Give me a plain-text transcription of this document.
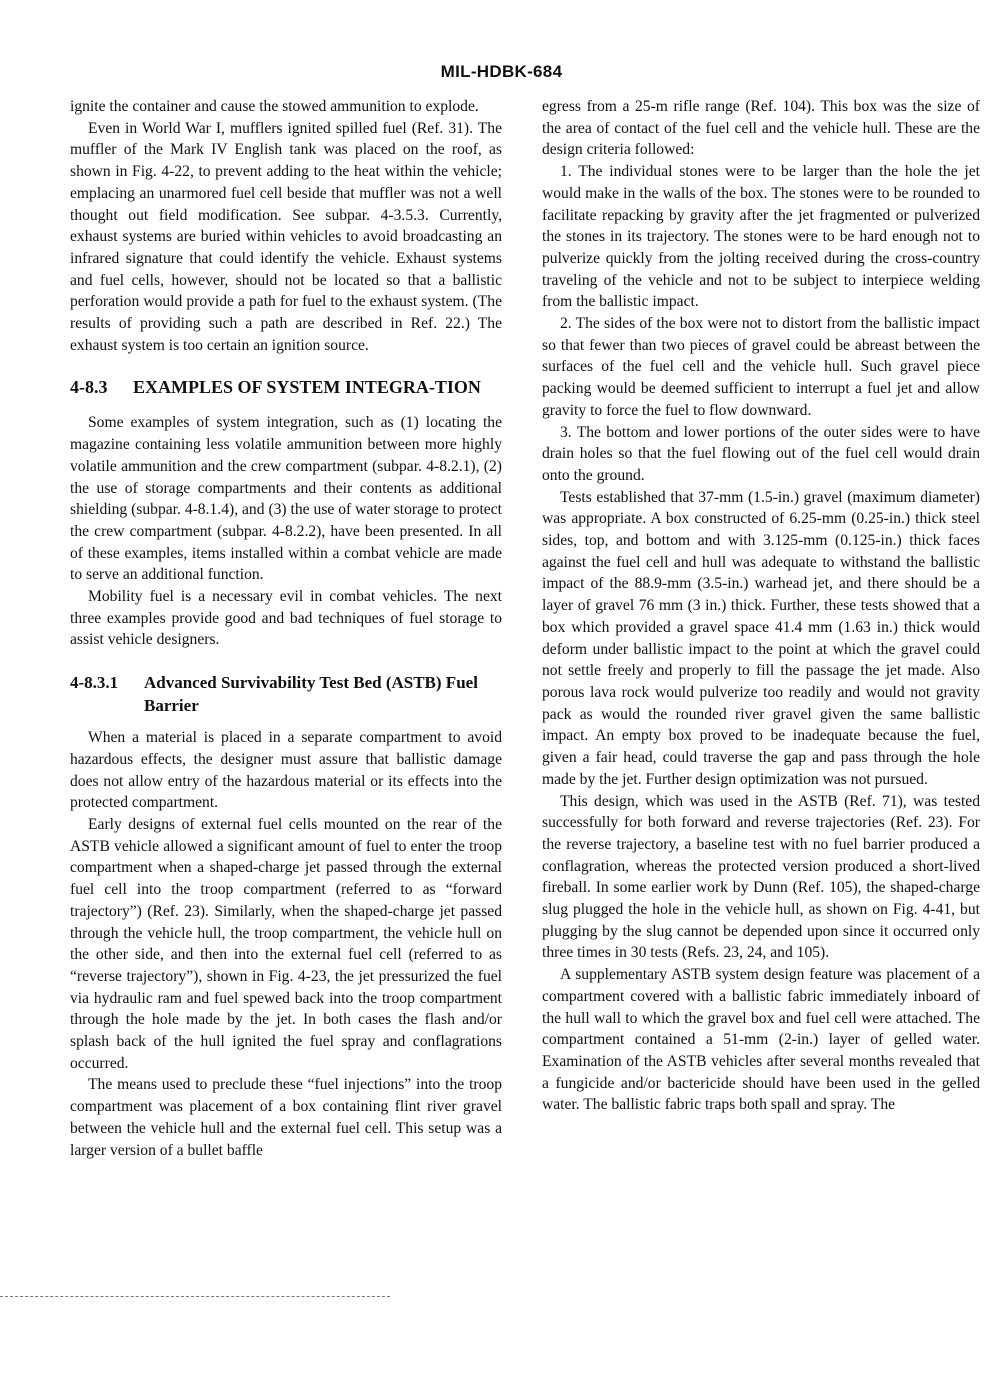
MIL-HDBK-684

ignite the container and cause the stowed ammunition to explode.

Even in World War I, mufflers ignited spilled fuel (Ref. 31). The muffler of the Mark IV English tank was placed on the roof, as shown in Fig. 4-22, to prevent adding to the heat within the vehicle; emplacing an unarmored fuel cell beside that muffler was not a well thought out field modification. See subpar. 4-3.5.3. Currently, exhaust systems are buried within vehicles to avoid broadcasting an infrared signature that could identify the vehicle. Exhaust systems and fuel cells, however, should not be located so that a ballistic perforation would provide a path for fuel to the exhaust system. (The results of providing such a path are described in Ref. 22.) The exhaust system is too certain an ignition source.

4-8.3	EXAMPLES OF SYSTEM INTEGRA-TION

Some examples of system integration, such as (1) locating the magazine containing less volatile ammunition between more highly volatile ammunition and the crew compartment (subpar. 4-8.2.1), (2) the use of storage compartments and their contents as additional shielding (subpar. 4-8.1.4), and (3) the use of water storage to protect the crew compartment (subpar. 4-8.2.2), have been presented. In all of these examples, items installed within a combat vehicle are made to serve an additional function.

Mobility fuel is a necessary evil in combat vehicles. The next three examples provide good and bad techniques of fuel storage to assist vehicle designers.

4-8.3.1	Advanced Survivability Test Bed (ASTB) Fuel Barrier

When a material is placed in a separate compartment to avoid hazardous effects, the designer must assure that ballistic damage does not allow entry of the hazardous material or its effects into the protected compartment.

Early designs of external fuel cells mounted on the rear of the ASTB vehicle allowed a significant amount of fuel to enter the troop compartment when a shaped-charge jet passed through the external fuel cell into the troop compartment (referred to as “forward trajectory”) (Ref. 23). Similarly, when the shaped-charge jet passed through the vehicle hull, the troop compartment, the vehicle hull on the other side, and then into the external fuel cell (referred to as “reverse trajectory”), shown in Fig. 4-23, the jet pressurized the fuel via hydraulic ram and fuel spewed back into the troop compartment through the hole made by the jet. In both cases the flash and/or splash back of the hull ignited the fuel spray and conflagrations occurred.

The means used to preclude these “fuel injections” into the troop compartment was placement of a box containing flint river gravel between the vehicle hull and the external fuel cell. This setup was a larger version of a bullet baffle

egress from a 25-m rifle range (Ref. 104). This box was the size of the area of contact of the fuel cell and the vehicle hull. These are the design criteria followed:

1. The individual stones were to be larger than the hole the jet would make in the walls of the box. The stones were to be rounded to facilitate repacking by gravity after the jet fragmented or pulverized the stones in its trajectory. The stones were to be hard enough not to pulverize quickly from the jolting received during the cross-country traveling of the vehicle and not to be subject to interpiece welding from the ballistic impact.

2. The sides of the box were not to distort from the ballistic impact so that fewer than two pieces of gravel could be abreast between the surfaces of the fuel cell and the vehicle hull. Such gravel piece packing would be deemed sufficient to interrupt a fuel jet and allow gravity to force the fuel to flow downward.

3. The bottom and lower portions of the outer sides were to have drain holes so that the fuel flowing out of the fuel cell would drain onto the ground.

Tests established that 37-mm (1.5-in.) gravel (maximum diameter) was appropriate. A box constructed of 6.25-mm (0.25-in.) thick steel sides, top, and bottom and with 3.125-mm (0.125-in.) thick faces against the fuel cell and hull was adequate to withstand the ballistic impact of the 88.9-mm (3.5-in.) warhead jet, and there should be a layer of gravel 76 mm (3 in.) thick. Further, these tests showed that a box which provided a gravel space 41.4 mm (1.63 in.) thick would deform under ballistic impact to the point at which the gravel could not settle freely and properly to fill the passage the jet made. Also porous lava rock would pulverize too readily and would not gravity pack as would the rounded river gravel given the same ballistic impact. An empty box proved to be inadequate because the fuel, given a fair head, could traverse the gap and pass through the hole made by the jet. Further design optimization was not pursued.

This design, which was used in the ASTB (Ref. 71), was tested successfully for both forward and reverse trajectories (Ref. 23). For the reverse trajectory, a baseline test with no fuel barrier produced a conflagration, whereas the protected version produced a short-lived fireball. In some earlier work by Dunn (Ref. 105), the shaped-charge slug plugged the hole in the vehicle hull, as shown on Fig. 4-41, but plugging by the slug cannot be depended upon since it occurred only three times in 30 tests (Refs. 23, 24, and 105).

A supplementary ASTB system design feature was placement of a compartment covered with a ballistic fabric immediately inboard of the hull wall to which the gravel box and fuel cell were attached. The compartment contained a 51-mm (2-in.) layer of gelled water. Examination of the ASTB vehicles after several months revealed that a fungicide and/or bactericide should have been used in the gelled water. The ballistic fabric traps both spall and spray. The
